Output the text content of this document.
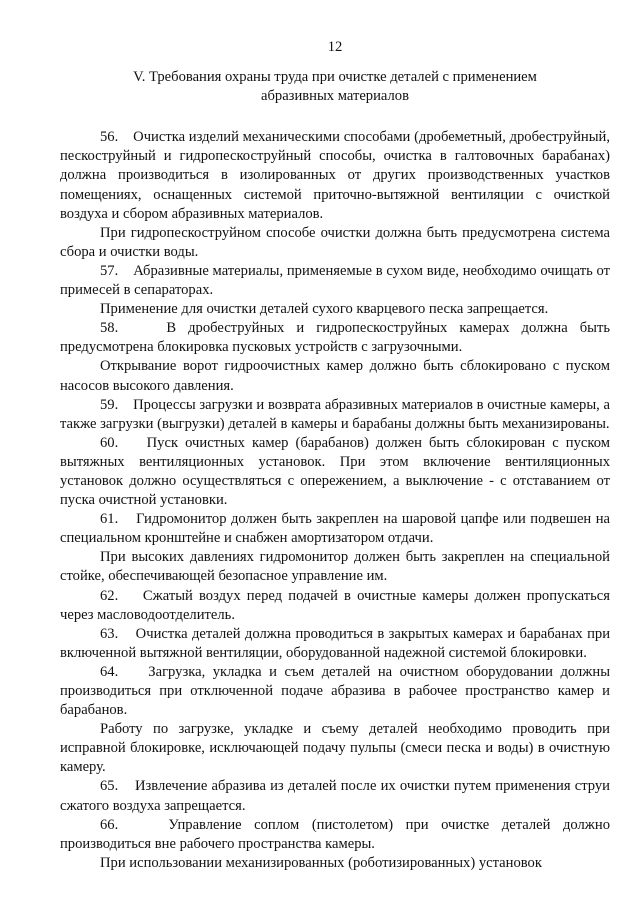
12
V. Требования охраны труда при очистке деталей с применением
абразивных материалов

56.    Очистка изделий механическими способами (дробеметный, дробеструйный, пескоструйный и гидропескоструйный способы, очистка в галтовочных барабанах) должна производиться в изолированных от других производственных участков помещениях, оснащенных системой приточно-вытяжной вентиляции с очисткой воздуха и сбором абразивных материалов.

При гидропескоструйном способе очистки должна быть предусмотрена система сбора и очистки воды.

57.    Абразивные материалы, применяемые в сухом виде, необходимо очищать от примесей в сепараторах.

Применение для очистки деталей сухого кварцевого песка запрещается.

58.    В дробеструйных и гидропескоструйных камерах должна быть предусмотрена блокировка пусковых устройств с загрузочными.

Открывание ворот гидроочистных камер должно быть сблокировано с пуском насосов высокого давления.

59.    Процессы загрузки и возврата абразивных материалов в очистные камеры, а также загрузки (выгрузки) деталей в камеры и барабаны должны быть механизированы.

60.    Пуск очистных камер (барабанов) должен быть сблокирован с пуском вытяжных вентиляционных установок. При этом включение вентиляционных установок должно осуществляться с опережением, а выключение - с отставанием от пуска очистной установки.

61.    Гидромонитор должен быть закреплен на шаровой цапфе или подвешен на специальном кронштейне и снабжен амортизатором отдачи.

При высоких давлениях гидромонитор должен быть закреплен на специальной стойке, обеспечивающей безопасное управление им.

62.    Сжатый воздух перед подачей в очистные камеры должен пропускаться через масловодоотделитель.

63.    Очистка деталей должна проводиться в закрытых камерах и барабанах при включенной вытяжной вентиляции, оборудованной надежной системой блокировки.

64.    Загрузка, укладка и съем деталей на очистном оборудовании должны производиться при отключенной подаче абразива в рабочее пространство камер и барабанов.

Работу по загрузке, укладке и съему деталей необходимо проводить при исправной блокировке, исключающей подачу пульпы (смеси песка и воды) в очистную камеру.

65.    Извлечение абразива из деталей после их очистки путем применения струи сжатого воздуха запрещается.

66.    Управление соплом (пистолетом) при очистке деталей должно производиться вне рабочего пространства камеры.

При использовании механизированных (роботизированных) установок
